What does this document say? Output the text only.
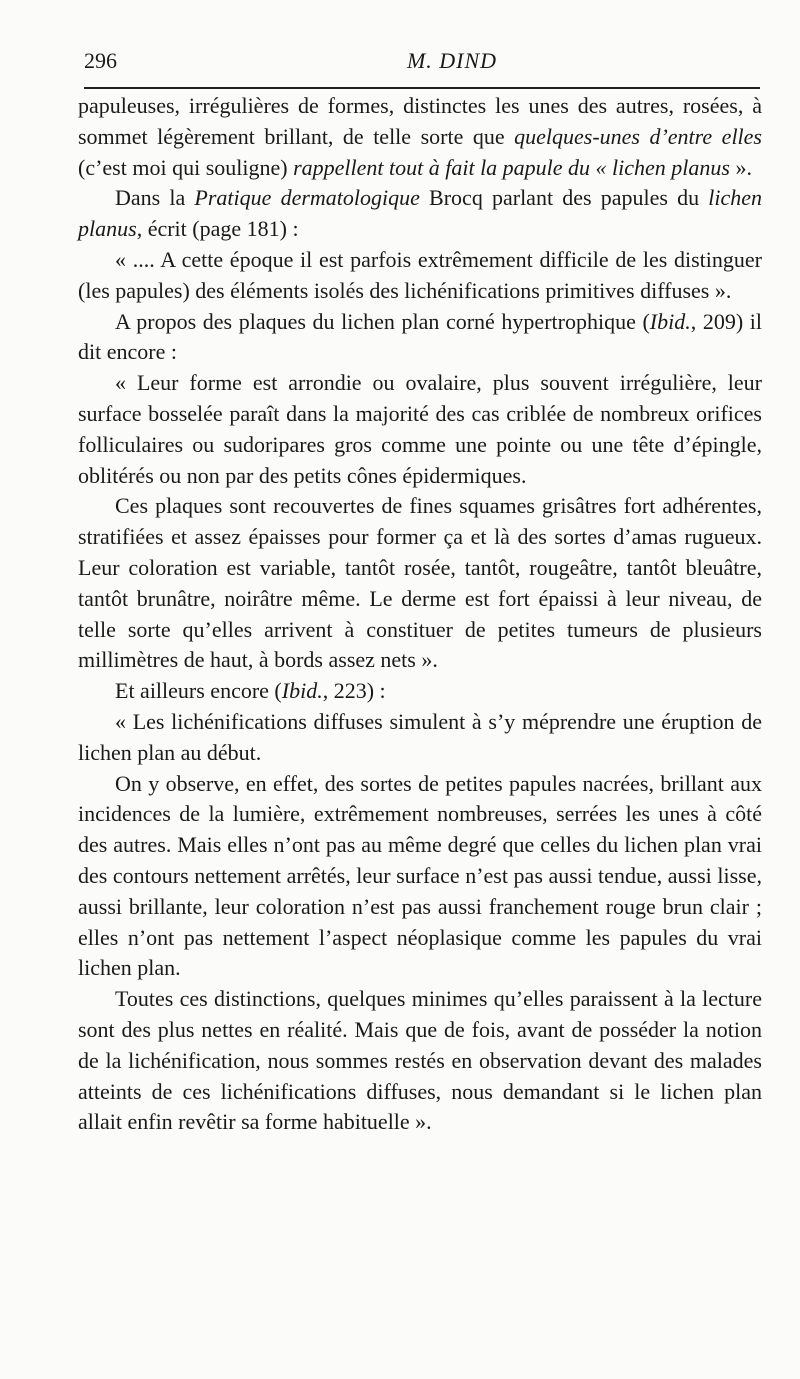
296	M. DIND

papuleuses, irrégulières de formes, distinctes les unes des autres, rosées, à sommet légèrement brillant, de telle sorte que quelques-unes d’entre elles (c’est moi qui souligne) rappellent tout à fait la papule du « lichen planus ».

Dans la Pratique dermatologique Brocq parlant des papules du lichen planus, écrit (page 181) :

« .... A cette époque il est parfois extrêmement difficile de les distinguer (les papules) des éléments isolés des lichénifications primitives diffuses ».

A propos des plaques du lichen plan corné hypertrophique (Ibid., 209) il dit encore :

« Leur forme est arrondie ou ovalaire, plus souvent irrégulière, leur surface bosselée paraît dans la majorité des cas criblée de nombreux orifices folliculaires ou sudoripares gros comme une pointe ou une tête d’épingle, oblitérés ou non par des petits cônes épidermiques.

Ces plaques sont recouvertes de fines squames grisâtres fort adhérentes, stratifiées et assez épaisses pour former ça et là des sortes d’amas rugueux. Leur coloration est variable, tantôt rosée, tantôt, rougeâtre, tantôt bleuâtre, tantôt brunâtre, noirâtre même. Le derme est fort épaissi à leur niveau, de telle sorte qu’elles arrivent à constituer de petites tumeurs de plusieurs millimètres de haut, à bords assez nets ».

Et ailleurs encore (Ibid., 223) :

« Les lichénifications diffuses simulent à s’y méprendre une éruption de lichen plan au début.

On y observe, en effet, des sortes de petites papules nacrées, brillant aux incidences de la lumière, extrêmement nombreuses, serrées les unes à côté des autres. Mais elles n’ont pas au même degré que celles du lichen plan vrai des contours nettement arrêtés, leur surface n’est pas aussi tendue, aussi lisse, aussi brillante, leur coloration n’est pas aussi franchement rouge brun clair ; elles n’ont pas nettement l’aspect néoplasique comme les papules du vrai lichen plan.

Toutes ces distinctions, quelques minimes qu’elles paraissent à la lecture sont des plus nettes en réalité. Mais que de fois, avant de posséder la notion de la lichénification, nous sommes restés en observation devant des malades atteints de ces lichénifications diffuses, nous demandant si le lichen plan allait enfin revêtir sa forme habituelle ».
